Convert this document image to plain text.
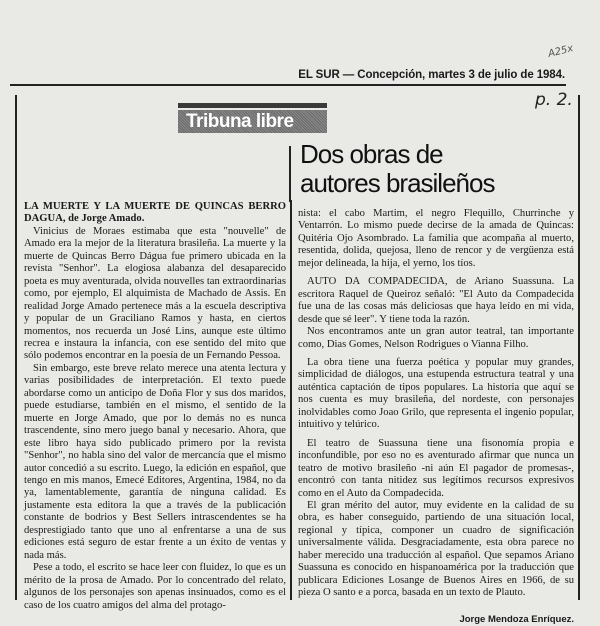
A25x
p. 2.
EL SUR — Concepción, martes 3 de julio de 1984.
Tribuna libre
Dos obras de
autores brasileños

LA MUERTE Y LA MUERTE DE QUINCAS BERRO DAGUA, de Jorge Amado.

Vinicius de Moraes estimaba que esta "nouvelle" de Amado era la mejor de la literatura brasileña. La muerte y la muerte de Quincas Berro Dágua fue primero ubicada en la revista "Senhor". La elogiosa alabanza del desaparecido poeta es muy aventurada, olvida nouvelles tan extraordinarias como, por ejemplo, El alquimista de Machado de Assis. En realidad Jorge Amado pertenece más a la escuela descriptiva y popular de un Graciliano Ramos y hasta, en ciertos momentos, nos recuerda un José Lins, aunque este último recrea e instaura la infancia, con ese sentido del mito que sólo podemos encontrar en la poesía de un Fernando Pessoa.

Sin embargo, este breve relato merece una atenta lectura y varias posibilidades de interpretación. El texto puede abordarse como un anticipo de Doña Flor y sus dos maridos, puede estudiarse, también en el mismo, el sentido de la muerte en Jorge Amado, que por lo demás no es nunca trascendente, sino mero juego banal y necesario. Ahora, que este libro haya sido publicado primero por la revista "Senhor", no habla sino del valor de mercancía que el mismo autor concedió a su escrito. Luego, la edición en español, que tengo en mis manos, Emecé Editores, Argentina, 1984, no da ya, lamentablemente, garantía de ninguna calidad. Es justamente esta editora la que a través de la publicación constante de bodrios y Best Sellers intrascendentes se ha desprestigiado tanto que uno al enfrentarse a una de sus ediciones está seguro de estar frente a un éxito de ventas y nada más.

Pese a todo, el escrito se hace leer con fluidez, lo que es un mérito de la prosa de Amado. Por lo concentrado del relato, algunos de los personajes son apenas insinuados, como es el caso de los cuatro amigos del alma del protago-

nista: el cabo Martim, el negro Flequillo, Churrinche y Ventarrón. Lo mismo puede decirse de la amada de Quincas: Quitéria Ojo Asombrado. La familia que acompaña al muerto, resentida, dolida, quejosa, lleno de rencor y de vergüenza está mejor delineada, la hija, el yerno, los tíos.

AUTO DA COMPADECIDA, de Ariano Suassuna. La escritora Raquel de Queiroz señaló: "El Auto da Compadecida fue una de las cosas más deliciosas que haya leído en mi vida, desde que sé leer". Y tiene toda la razón.

Nos encontramos ante un gran autor teatral, tan importante como, Dias Gomes, Nelson Rodrigues o Vianna Filho.

La obra tiene una fuerza poética y popular muy grandes, simplicidad de diálogos, una estupenda estructura teatral y una auténtica captación de tipos populares. La historia que aquí se nos cuenta es muy brasileña, del nordeste, con personajes inolvidables como Joao Grilo, que representa el ingenio popular, intuitivo y telúrico.

El teatro de Suassuna tiene una fisonomía propia e inconfundible, por eso no es aventurado afirmar que nunca un teatro de motivo brasileño -ni aún El pagador de promesas-, encontró con tanta nitidez sus legítimos recursos expresivos como en el Auto da Compadecida.

El gran mérito del autor, muy evidente en la calidad de su obra, es haber conseguido, partiendo de una situación local, regional y típica, componer un cuadro de significación universalmente válida. Desgraciadamente, esta obra parece no haber merecido una traducción al español. Que sepamos Ariano Suassuna es conocido en hispanoamérica por la traducción que publicara Ediciones Losange de Buenos Aires en 1966, de su pieza O santo e a porca, basada en un texto de Plauto.

Jorge Mendoza Enríquez.
